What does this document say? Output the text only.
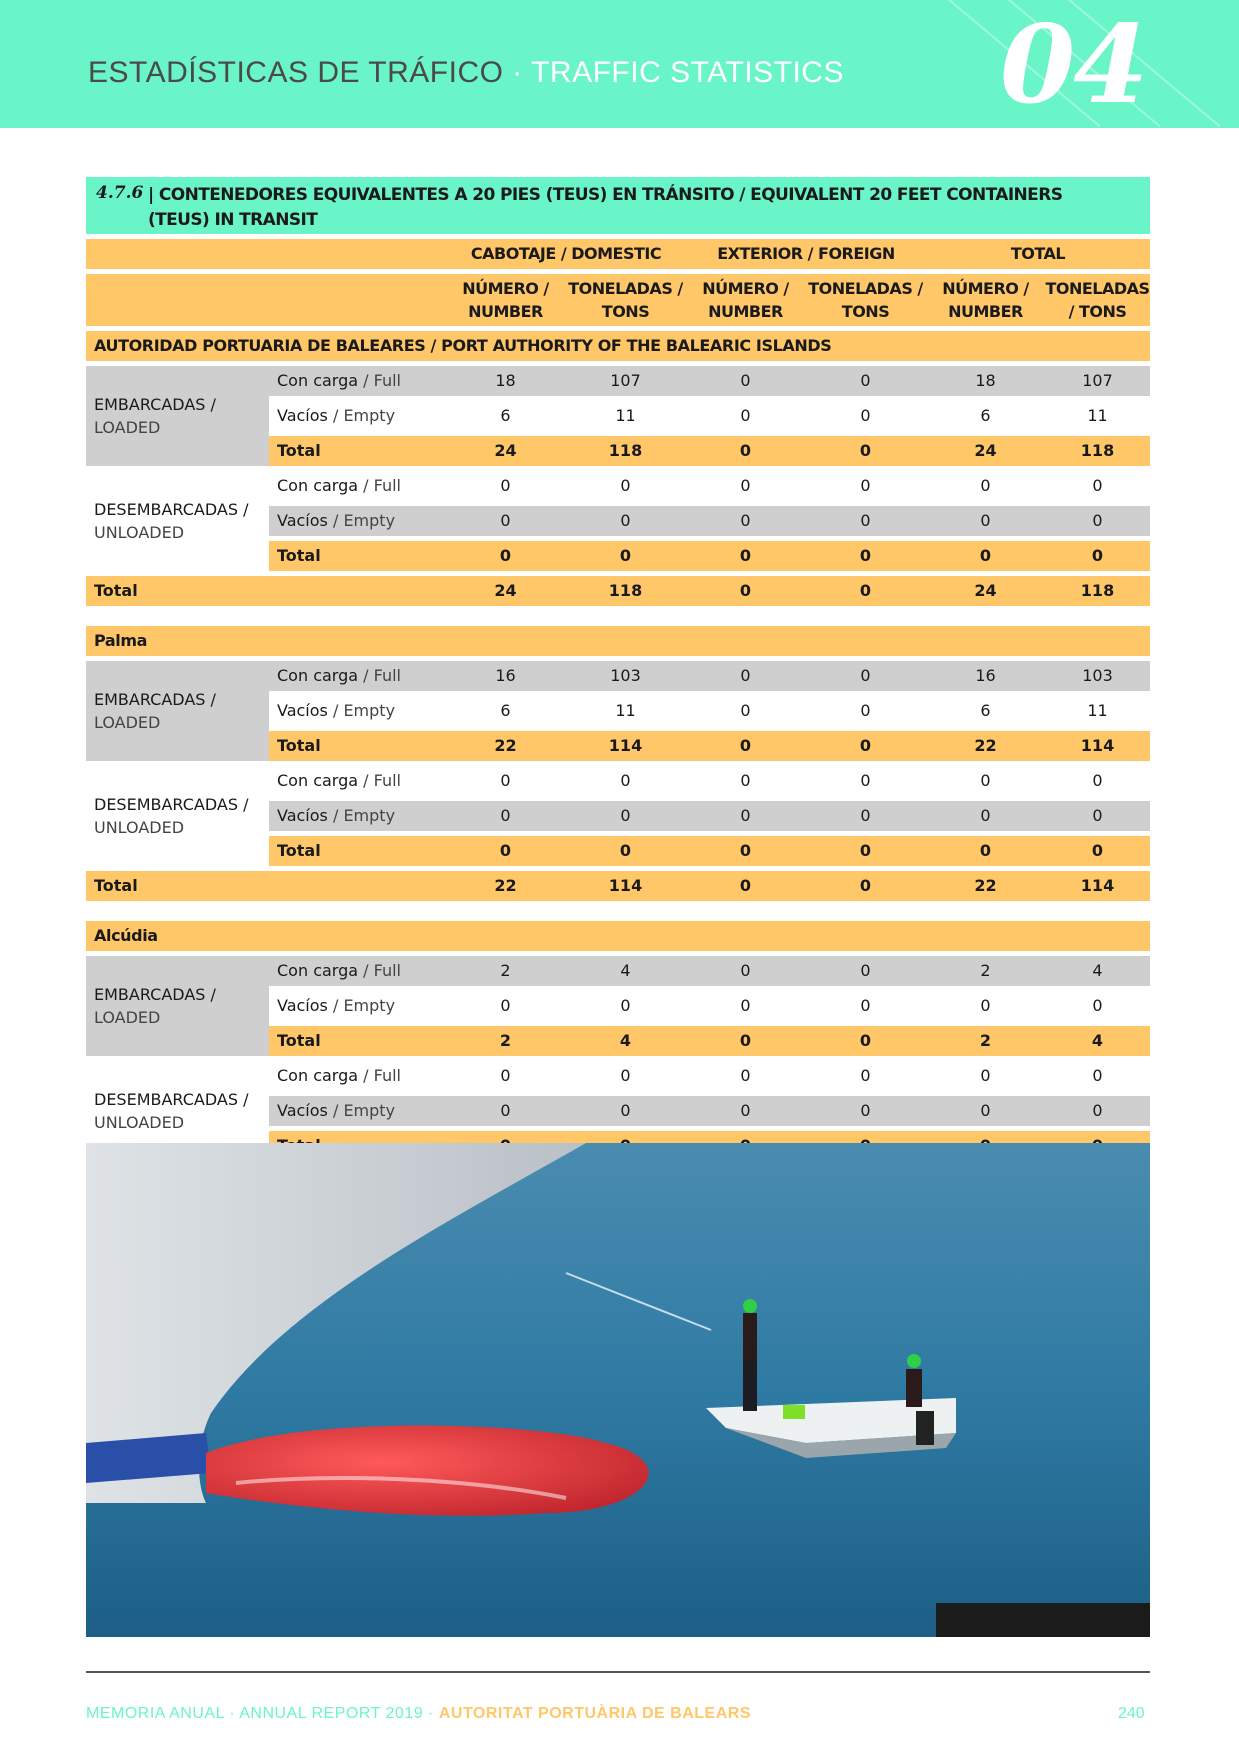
ESTADÍSTICAS DE TRÁFICO · TRAFFIC STATISTICS 04
4.7.6 | CONTENEDORES EQUIVALENTES A 20 PIES (TEUS) EN TRÁNSITO / EQUIVALENT 20 FEET CONTAINERS (TEUS) IN TRANSIT

		CABOTAJE / DOMESTIC		EXTERIOR / FOREIGN		TOTAL	

		NÚMERO / NUMBER	TONELADAS / TONS	NÚMERO / NUMBER	TONELADAS / TONS	NÚMERO / NUMBER	TONELADAS / TONS

AUTORIDAD PORTUARIA DE BALEARES / PORT AUTHORITY OF THE BALEARIC ISLANDS							

EMBARCADAS /
LOADED	Con carga / Full	18	107	0	0	18	107

	Vacíos / Empty	6	11	0	0	6	11

	Total	24	118	0	0	24	118

DESEMBARCADAS /
UNLOADED	Con carga / Full	0	0	0	0	0	0

	Vacíos / Empty	0	0	0	0	0	0

	Total	0	0	0	0	0	0

Total		24	118	0	0	24	118

Palma							

EMBARCADAS /
LOADED	Con carga / Full	16	103	0	0	16	103

	Vacíos / Empty	6	11	0	0	6	11

	Total	22	114	0	0	22	114

DESEMBARCADAS /
UNLOADED	Con carga / Full	0	0	0	0	0	0

	Vacíos / Empty	0	0	0	0	0	0

	Total	0	0	0	0	0	0

Total		22	114	0	0	22	114

Alcúdia							

EMBARCADAS /
LOADED	Con carga / Full	2	4	0	0	2	4

	Vacíos / Empty	0	0	0	0	0	0

	Total	2	4	0	0	2	4

DESEMBARCADAS /
UNLOADED	Con carga / Full	0	0	0	0	0	0

	Vacíos / Empty	0	0	0	0	0	0

MEMORIA ANUAL · ANNUAL REPORT 2019 · AUTORITAT PORTUÀRIA DE BALEARS	240
